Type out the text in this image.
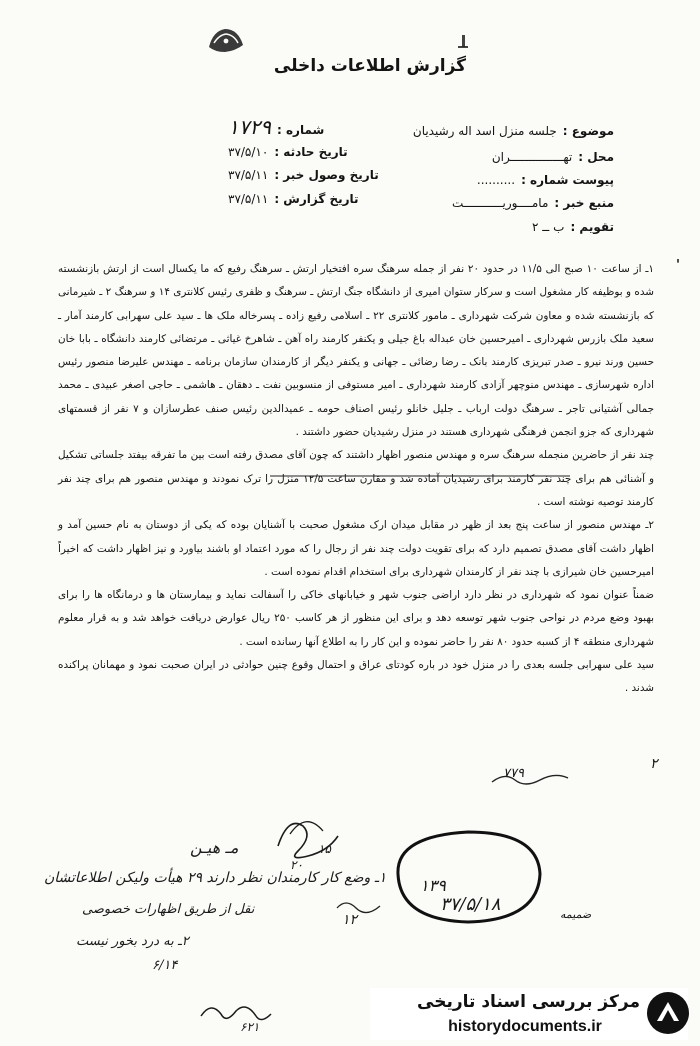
گزارش اطلاعات داخلی
موضوع :جلسه منزل اسد اله رشیدیان
محل :تهـــــــــــــــران
پیوست شماره :..........
منبع خبر :مامــــوریـــــــــــت
تقویم :ب ــ ۲
شماره :۱۷۲۹
تاریخ حادثه :۳۷/۵/۱۰
تاریخ وصول خبر :۳۷/۵/۱۱
تاریخ گزارش :۳۷/۵/۱۱
'

۱ـ از ساعت ۱۰ صبح الی ۱۱/۵ در حدود ۲۰ نفر از جمله سرهنگ سره افتخیار ارتش ـ سرهنگ رفیع که ما یکسال است از ارتش بازنشسته شده و بوظیفه کار مشغول است و سرکار ستوان امیری از دانشگاه جنگ ارتش ـ سرهنگ و ظفری رئیس کلانتری ۱۴ و سرهنگ ۲ ـ شیرمانی که بازنشسته شده و معاون شرکت شهرداری ـ مامور کلانتری ۲۲ ـ اسلامی رفیع زاده ـ پسرخاله ملک ها ـ سید علی سهرابی کارمند آمار ـ سعید ملک بازرس شهرداری ـ امیرحسین خان عبداله باغ جیلی و یکنفر کارمند راه آهن ـ شاهرخ غیاثی ـ مرتضائی کارمند دانشگاه ـ بابا خان حسین ورند نیرو ـ صدر تبریزی کارمند بانک ـ رضا رضائی ـ جهانی و یکنفر دیگر از کارمندان سازمان برنامه ـ مهندس علیرضا منصور رئیس اداره شهرسازی ـ مهندس منوچهر آزادی کارمند شهرداری ـ امیر مستوفی از منسوبین نفت ـ دهقان ـ هاشمی ـ حاجی اصغر عبیدی ـ محمد جمالی آشتیانی تاجر ـ سرهنگ دولت ارباب ـ جلیل خانلو رئیس اصناف حومه ـ عمیدالدین رئیس صنف عطرسازان و ۷ نفر از قسمتهای شهرداری که جزو انجمن فرهنگی شهرداری هستند در منزل رشیدیان حضور داشتند .

چند نفر از حاضرین منجمله سرهنگ سره و مهندس منصور اظهار داشتند که چون آقای مصدق رفته است بین ما تفرقه بیفتد جلساتی تشکیل و آشنائی هم برای چند نفر کارمند برای رشیدیان آماده شد و مقارن ساعت ۱۲/۵ منزل را ترک نمودند و مهندس منصور هم برای چند نفر کارمند توصیه نوشته است .

۲ـ مهندس منصور از ساعت پنج بعد از ظهر در مقابل میدان ارک مشغول صحبت با آشنایان بوده که یکی از دوستان به نام حسین آمد و اظهار داشت آقای مصدق تصمیم دارد که برای تقویت دولت چند نفر از رجال را که مورد اعتماد او باشند بیاورد و نیز اظهار داشت که اخیراً امیرحسین خان شیرازی با چند نفر از کارمندان شهرداری برای استخدام اقدام نموده است .

ضمناً عنوان نمود که شهرداری در نظر دارد اراضی جنوب شهر و خیابانهای خاکی را آسفالت نماید و بیمارستان ها و درمانگاه ها را برای بهبود وضع مردم در نواحی جنوب شهر توسعه دهد و برای این منظور از هر کاسب ۲۵۰ ریال عوارض دریافت خواهد شد و به قرار معلوم شهرداری منطقه ۴ از کسبه حدود ۸۰ نفر را حاضر نموده و این کار را به اطلاع آنها رسانده است .

سید علی سهرابی جلسه بعدی را در منزل خود در باره کودتای عراق و احتمال وقوع چنین حوادثی در ایران صحبت نمود و مهمانان پراکنده شدند .

۲
۷۷۹
مـ هیـن	۱۵
۲۰
۱ـ وضع کار کارمندان نظر دارند ۲۹ هیأت ولیکن اطلاعاتشان
نقل از طریق اظهارات خصوصی
۲ـ به درد بخور نیست
۶/۱۴
۶۲۱
۱۳۹
۳۷/۵/۱۸
۱۲	ضمیمه
مرکز بررسی اسناد تاریخی
historydocuments.ir
